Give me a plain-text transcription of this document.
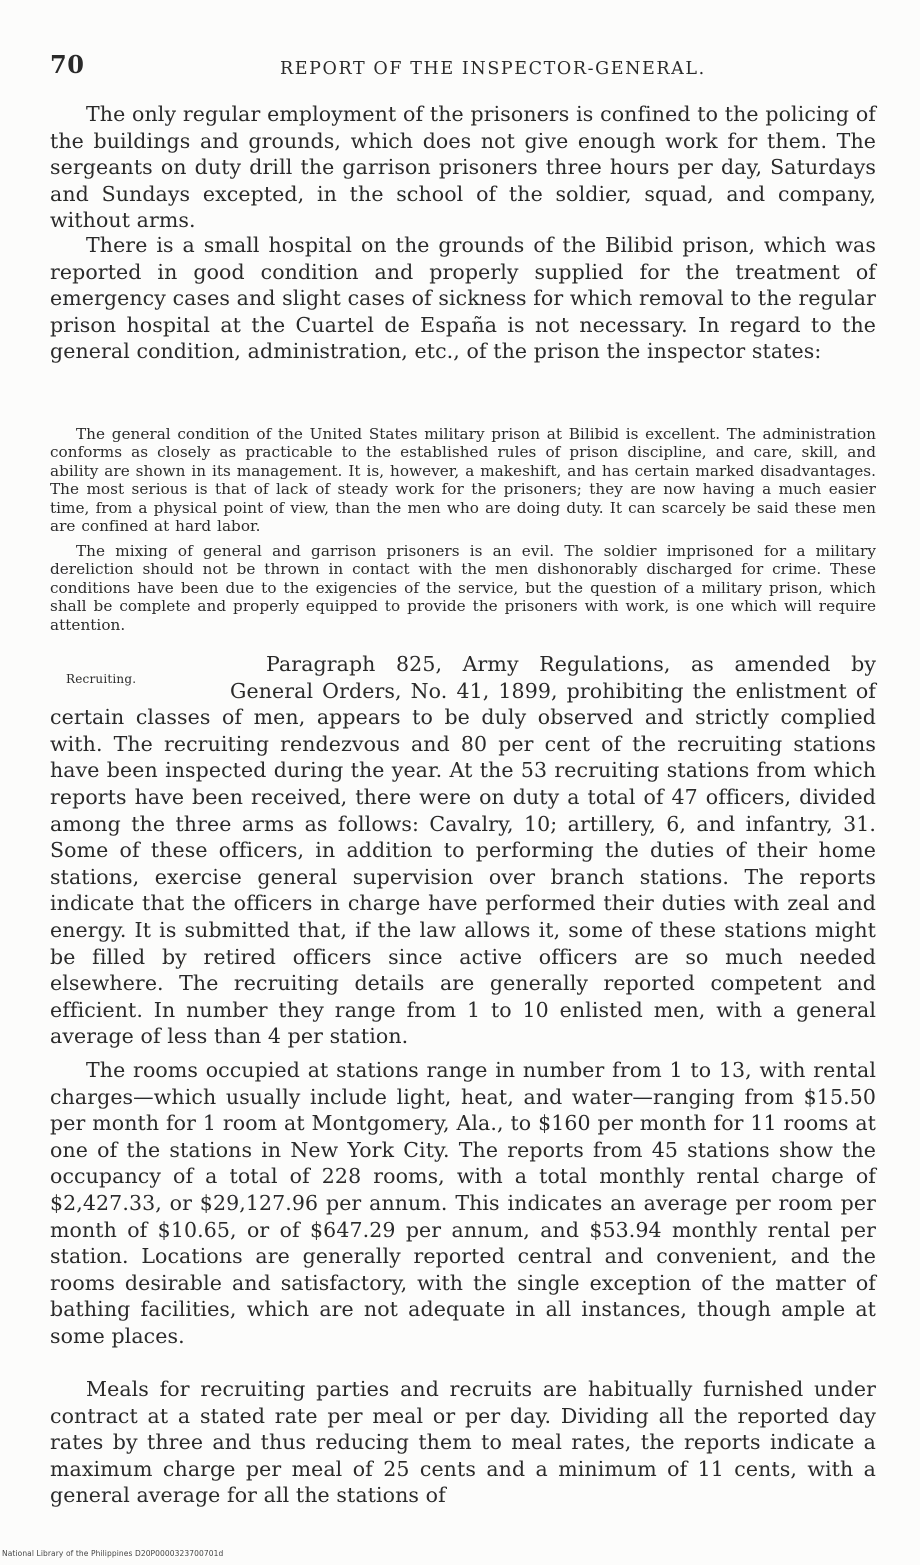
70	REPORT OF THE INSPECTOR-GENERAL.

The only regular employment of the prisoners is confined to the policing of the buildings and grounds, which does not give enough work for them. The sergeants on duty drill the garrison prisoners three hours per day, Saturdays and Sundays excepted, in the school of the soldier, squad, and company, without arms.

There is a small hospital on the grounds of the Bilibid prison, which was reported in good condition and properly supplied for the treatment of emergency cases and slight cases of sickness for which removal to the regular prison hospital at the Cuartel de España is not necessary. In regard to the general condition, administration, etc., of the prison the inspector states:

The general condition of the United States military prison at Bilibid is excellent. The administration conforms as closely as practicable to the established rules of prison discipline, and care, skill, and ability are shown in its management. It is, however, a makeshift, and has certain marked disadvantages. The most serious is that of lack of steady work for the prisoners; they are now having a much easier time, from a physical point of view, than the men who are doing duty. It can scarcely be said these men are confined at hard labor.

The mixing of general and garrison prisoners is an evil. The soldier imprisoned for a military dereliction should not be thrown in contact with the men dishonorably discharged for crime. These conditions have been due to the exigencies of the service, but the question of a military prison, which shall be complete and properly equipped to provide the prisoners with work, is one which will require attention.

Recruiting.

Paragraph 825, Army Regulations, as amended by General Orders, No. 41, 1899, prohibiting the enlistment of certain classes of men, appears to be duly observed and strictly complied with. The recruiting rendezvous and 80 per cent of the recruiting stations have been inspected during the year. At the 53 recruiting stations from which reports have been received, there were on duty a total of 47 officers, divided among the three arms as follows: Cavalry, 10; artillery, 6, and infantry, 31. Some of these officers, in addition to performing the duties of their home stations, exercise general supervision over branch stations. The reports indicate that the officers in charge have performed their duties with zeal and energy. It is submitted that, if the law allows it, some of these stations might be filled by retired officers since active officers are so much needed elsewhere. The recruiting details are generally reported competent and efficient. In number they range from 1 to 10 enlisted men, with a general average of less than 4 per station.

The rooms occupied at stations range in number from 1 to 13, with rental charges—which usually include light, heat, and water—ranging from $15.50 per month for 1 room at Montgomery, Ala., to $160 per month for 11 rooms at one of the stations in New York City. The reports from 45 stations show the occupancy of a total of 228 rooms, with a total monthly rental charge of $2,427.33, or $29,127.96 per annum. This indicates an average per room per month of $10.65, or of $647.29 per annum, and $53.94 monthly rental per station. Locations are generally reported central and convenient, and the rooms desirable and satisfactory, with the single exception of the matter of bathing facilities, which are not adequate in all instances, though ample at some places.

Meals for recruiting parties and recruits are habitually furnished under contract at a stated rate per meal or per day. Dividing all the reported day rates by three and thus reducing them to meal rates, the reports indicate a maximum charge per meal of 25 cents and a minimum of 11 cents, with a general average for all the stations of

National Library of the Philippines D20P0000323700701d
